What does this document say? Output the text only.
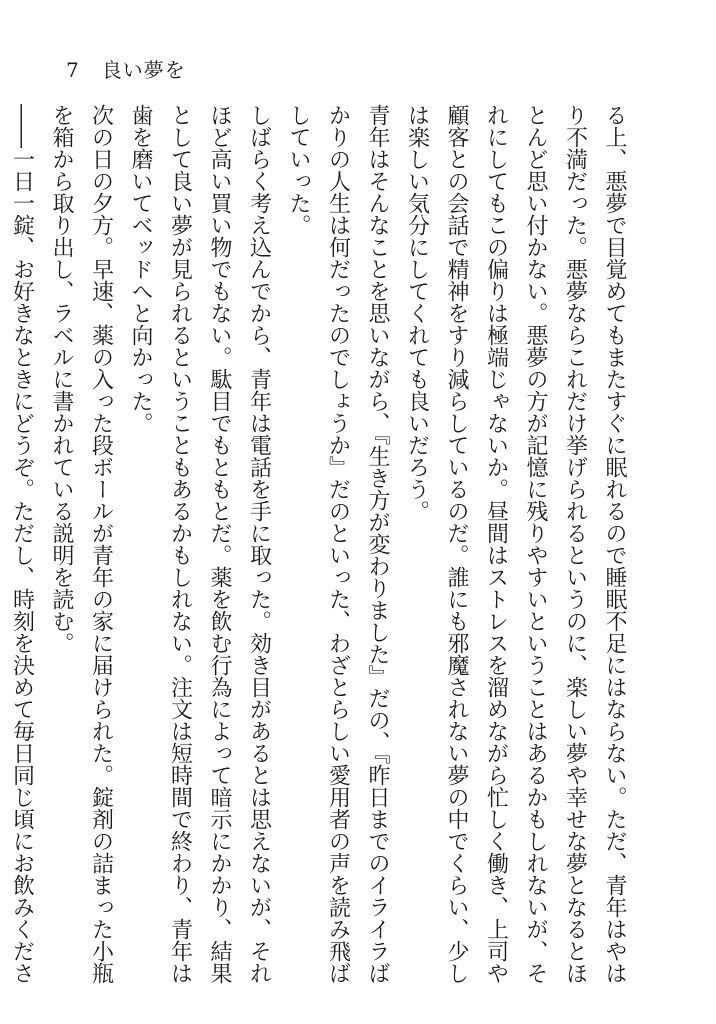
7 良い夢を

る上、悪夢で目覚めてもまたすぐに眠れるので睡眠不足にはならない。ただ、青年はやはり不満だった。悪夢ならこれだけ挙げられるというのに、楽しい夢や幸せな夢となるとほとんど思い付かない。悪夢の方が記憶に残りやすいということはあるかもしれないが、それにしてもこの偏りは極端じゃないか。昼間はストレスを溜めながら忙しく働き、上司や顧客との会話で精神をすり減らしているのだ。誰にも邪魔されない夢の中でくらい、少しは楽しい気分にしてくれても良いだろう。

青年はそんなことを思いながら、『生き方が変わりました』だの、『昨日までのイライラばかりの人生は何だったのでしょうか』だのといった、わざとらしい愛用者の声を読み飛ばしていった。

しばらく考え込んでから、青年は電話を手に取った。効き目があるとは思えないが、それほど高い買い物でもない。駄目でもともとだ。薬を飲む行為によって暗示にかかり、結果として良い夢が見られるということもあるかもしれない。注文は短時間で終わり、青年は歯を磨いてベッドへと向かった。

次の日の夕方。早速、薬の入った段ボールが青年の家に届けられた。錠剤の詰まった小瓶を箱から取り出し、ラベルに書かれている説明を読む。

――一日一錠、お好きなときにどうぞ。ただし、時刻を決めて毎日同じ頃にお飲みくださ
